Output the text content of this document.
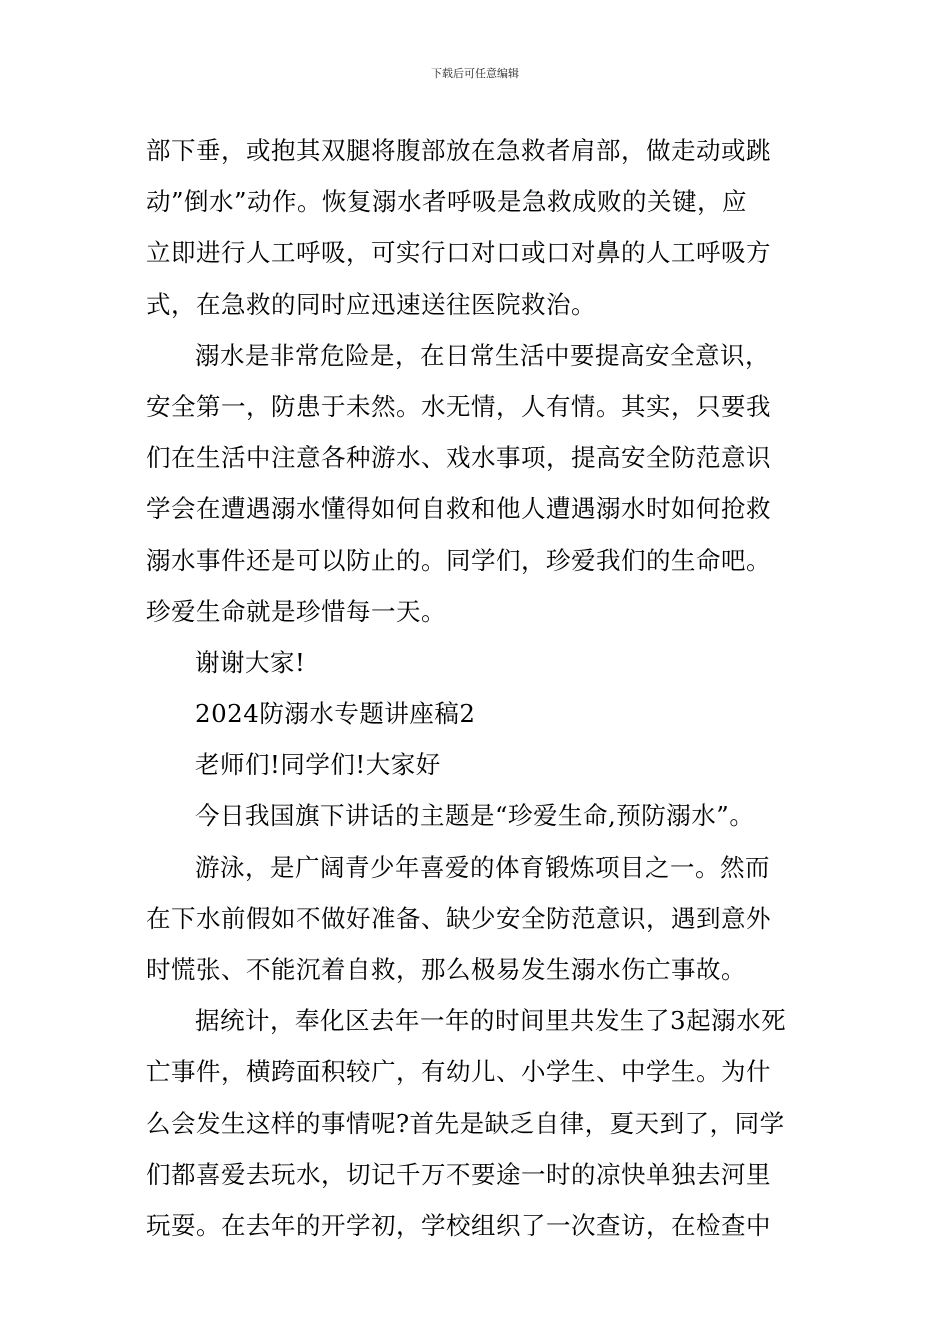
下载后可任意编辑
部下垂，或抱其双腿将腹部放在急救者肩部，做走动或跳
动”倒水”动作。恢复溺水者呼吸是急救成败的关键，应
立即进行人工呼吸，可实行口对口或口对鼻的人工呼吸方
式，在急救的同时应迅速送往医院救治。
溺水是非常危险是，在日常生活中要提高安全意识，
安全第一，防患于未然。水无情，人有情。其实，只要我
们在生活中注意各种游水、戏水事项，提高安全防范意识
学会在遭遇溺水懂得如何自救和他人遭遇溺水时如何抢救
溺水事件还是可以防止的。同学们，珍爱我们的生命吧。
珍爱生命就是珍惜每一天。
谢谢大家!
2024防溺水专题讲座稿2
老师们!同学们!大家好
今日我国旗下讲话的主题是“珍爱生命,预防溺水”。
游泳，是广阔青少年喜爱的体育锻炼项目之一。然而
在下水前假如不做好准备、缺少安全防范意识，遇到意外
时慌张、不能沉着自救，那么极易发生溺水伤亡事故。
据统计，奉化区去年一年的时间里共发生了3起溺水死
亡事件，横跨面积较广，有幼儿、小学生、中学生。为什
么会发生这样的事情呢?首先是缺乏自律，夏天到了，同学
们都喜爱去玩水，切记千万不要途一时的凉快单独去河里
玩耍。在去年的开学初，学校组织了一次查访，在检查中
